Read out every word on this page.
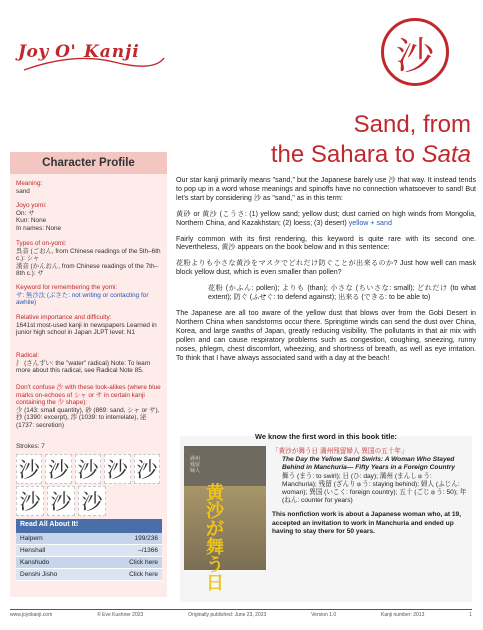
Joy O' Kanji	沙
Sand, from
the Sahara to Sata
Character Profile
Meaning:
sand
Joyo yomi:
On: サ
Kun: None
In names: None
Types of on-yomi:
呉音 (ごおん, from Chinese readings of the 5th–6th c.): シャ
漢音 (かんおん, from Chinese readings of the 7th–8th c.): サ
Keyword for remembering the yomi:
サ: 無沙汰 (ぶさた: not writing or contacting for awhile)
Relative importance and difficulty:
1641st most-used kanji in newspapers Learned in junior high school in Japan JLPT level: N1
Radical:
氵 (さんずい: the "water" radical) Note: To learn more about this radical, see Radical Note 85.
Don't confuse 沙 with these look-alikes (where blue marks on-echoes of シャ or サ in certain kanji containing the 少 shape):
少 (143: small quantity), 砂 (869: sand, シャ or サ), 抄 (1390: excerpt), 渉 (1039: to interrelate), 泌 (1737: secretion)
Strokes: 7
沙 沙 沙 沙 沙
沙 沙 沙
Read All About It!
Halpern	199/236
Henshall	–/1366
Kanshudo	Click here
Denshi Jisho	Click here

Our star kanji primarily means "sand," but the Japanese barely use 沙 that way. It instead tends to pop up in a word whose meanings and spinoffs have no connection whatsoever to sand! But let's start by considering 沙 as "sand," as in this term:

黄砂 or 黄沙 (こうさ: (1) yellow sand; yellow dust; dust carried on high winds from Mongolia, Northern China, and Kazakhstan; (2) loess; (3) desert) yellow + sand

Fairly common with its first rendering, this keyword is quite rare with its second one. Nevertheless, 黄沙 appears on the book below and in this sentence:

花粉よりも小さな黄沙をマスクでどれだけ防ぐことが出来るのか? Just how well can mask block yellow dust, which is even smaller than pollen?

花粉 (かふん: pollen); よりも (than); 小さな (ちいさな: small); どれだけ (to what extent); 防ぐ (ふせぐ: to defend against); 出来る (できる: to be able to)

The Japanese are all too aware of the yellow dust that blows over from the Gobi Desert in Northern China when sandstorms occur there. Springtime winds can send the dust over China, Korea, and large swaths of Japan, greatly reducing visibility. The pollutants in that air mix with pollen and can cause respiratory problems such as congestion, coughing, sneezing, runny noses, phlegm, chest discomfort, wheezing, and shortness of breath, as well as eye irritation. To think that I have always associated sand with a day at the beach!

We know the first word in this book title:
満州残留婦人
黄沙が舞う日
「黄沙が舞う日 満州残留婦人 異国の五十年」
The Day the Yellow Sand Swirls: A Woman Who Stayed Behind in Manchuria— Fifty Years in a Foreign Country
舞う (まう: to swirl); 日 (ひ: day); 満州 (まんしゅう: Manchuria); 残留 (ざんりゅう: staying behind); 婦人 (ふじん: woman); 異国 (いこく: foreign country); 五十 (ごじゅう: 50); 年 (ねん: counter for years)
This nonfiction work is about a Japanese woman who, at 19, accepted an invitation to work in Manchuria and ended up having to stay there for 50 years.
www.joyokanji.com	© Eve Kushner 2023	Originally published: June 23, 2023	Version 1.0	Kanji number: 2013	1
